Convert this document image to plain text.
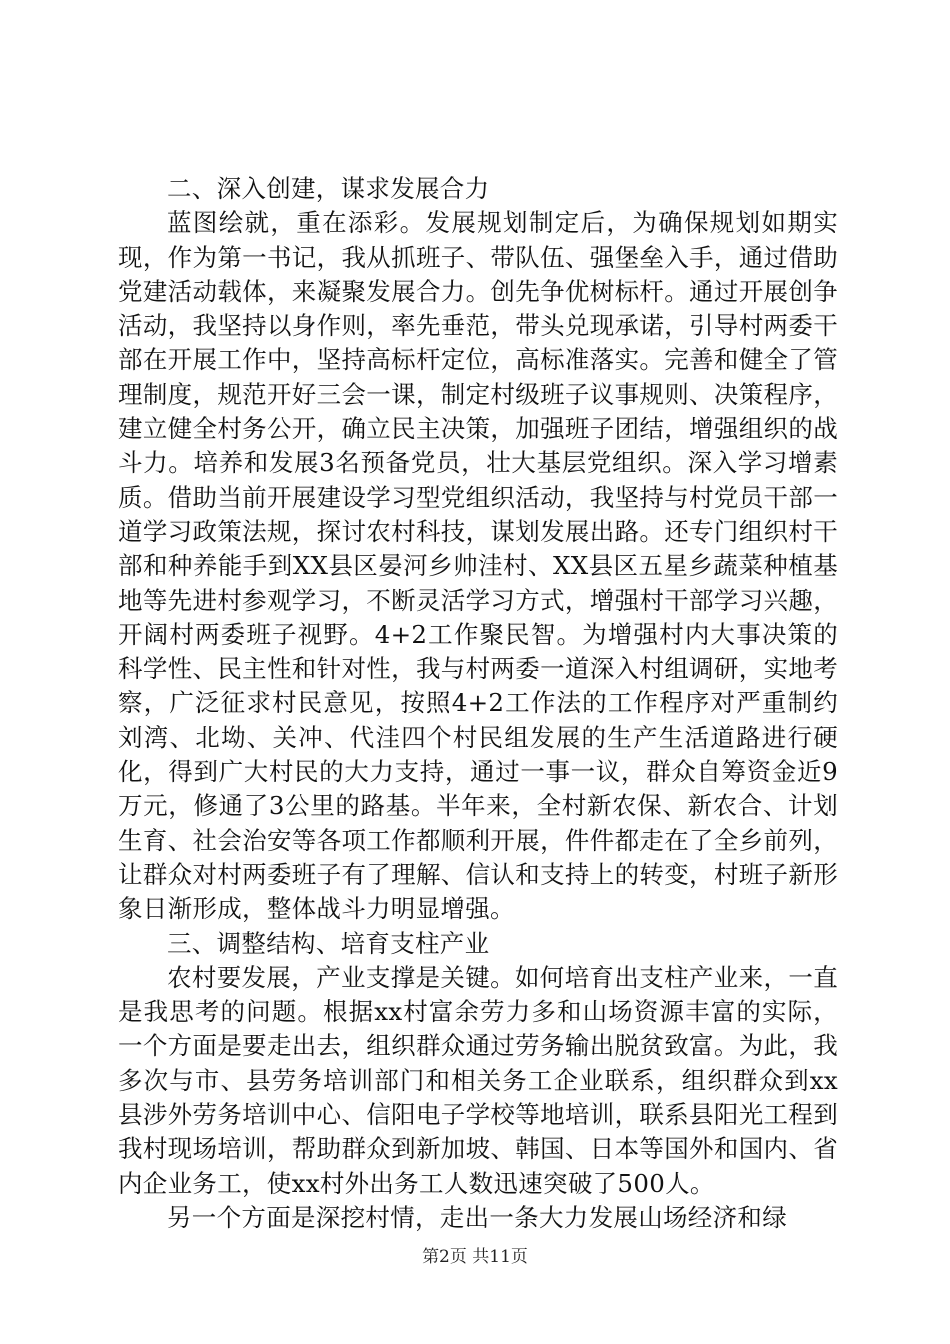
二、深入创建，谋求发展合力

蓝图绘就，重在添彩。发展规划制定后，为确保规划如期实现，作为第一书记，我从抓班子、带队伍、强堡垒入手，通过借助党建活动载体，来凝聚发展合力。创先争优树标杆。通过开展创争活动，我坚持以身作则，率先垂范，带头兑现承诺，引导村两委干部在开展工作中，坚持高标杆定位，高标准落实。完善和健全了管理制度，规范开好三会一课，制定村级班子议事规则、决策程序，建立健全村务公开，确立民主决策，加强班子团结，增强组织的战斗力。培养和发展3名预备党员，壮大基层党组织。深入学习增素质。借助当前开展建设学习型党组织活动，我坚持与村党员干部一道学习政策法规，探讨农村科技，谋划发展出路。还专门组织村干部和种养能手到XX县区晏河乡帅洼村、XX县区五星乡蔬菜种植基地等先进村参观学习，不断灵活学习方式，增强村干部学习兴趣，开阔村两委班子视野。4+2工作聚民智。为增强村内大事决策的科学性、民主性和针对性，我与村两委一道深入村组调研，实地考察，广泛征求村民意见，按照4+2工作法的工作程序对严重制约刘湾、北坳、关冲、代洼四个村民组发展的生产生活道路进行硬化，得到广大村民的大力支持，通过一事一议，群众自筹资金近9万元，修通了3公里的路基。半年来，全村新农保、新农合、计划生育、社会治安等各项工作都顺利开展，件件都走在了全乡前列，让群众对村两委班子有了理解、信认和支持上的转变，村班子新形象日渐形成，整体战斗力明显增强。

三、调整结构、培育支柱产业

农村要发展，产业支撑是关键。如何培育出支柱产业来，一直是我思考的问题。根据xx村富余劳力多和山场资源丰富的实际，一个方面是要走出去，组织群众通过劳务输出脱贫致富。为此，我多次与市、县劳务培训部门和相关务工企业联系，组织群众到xx县涉外劳务培训中心、信阳电子学校等地培训，联系县阳光工程到我村现场培训，帮助群众到新加坡、韩国、日本等国外和国内、省内企业务工，使xx村外出务工人数迅速突破了500人。

另一个方面是深挖村情，走出一条大力发展山场经济和绿

第2页 共11页
